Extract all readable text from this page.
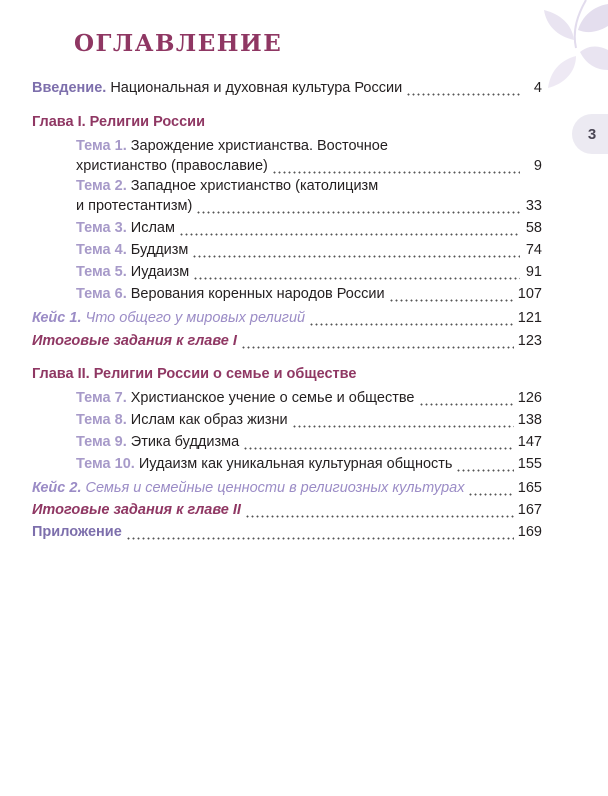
3
ОГЛАВЛЕНИЕ
Введение. Национальная и духовная культура России	4
Глава I. Религии России
Тема 1. Зарождение христианства. Восточное
христианство (православие)	9
Тема 2. Западное христианство (католицизм
и протестантизм)	33
Тема 3. Ислам	58
Тема 4. Буддизм	74
Тема 5. Иудаизм	91
Тема 6. Верования коренных народов России	107
Кейс 1. Что общего у мировых религий	121
Итоговые задания к главе I	123
Глава II. Религии России о семье и обществе
Тема 7. Христианское учение о семье и обществе	126
Тема 8. Ислам как образ жизни	138
Тема 9. Этика буддизма	147
Тема 10. Иудаизм как уникальная культурная общность	155
Кейс 2. Семья и семейные ценности в религиозных культурах	165
Итоговые задания к главе II	167
Приложение	169
